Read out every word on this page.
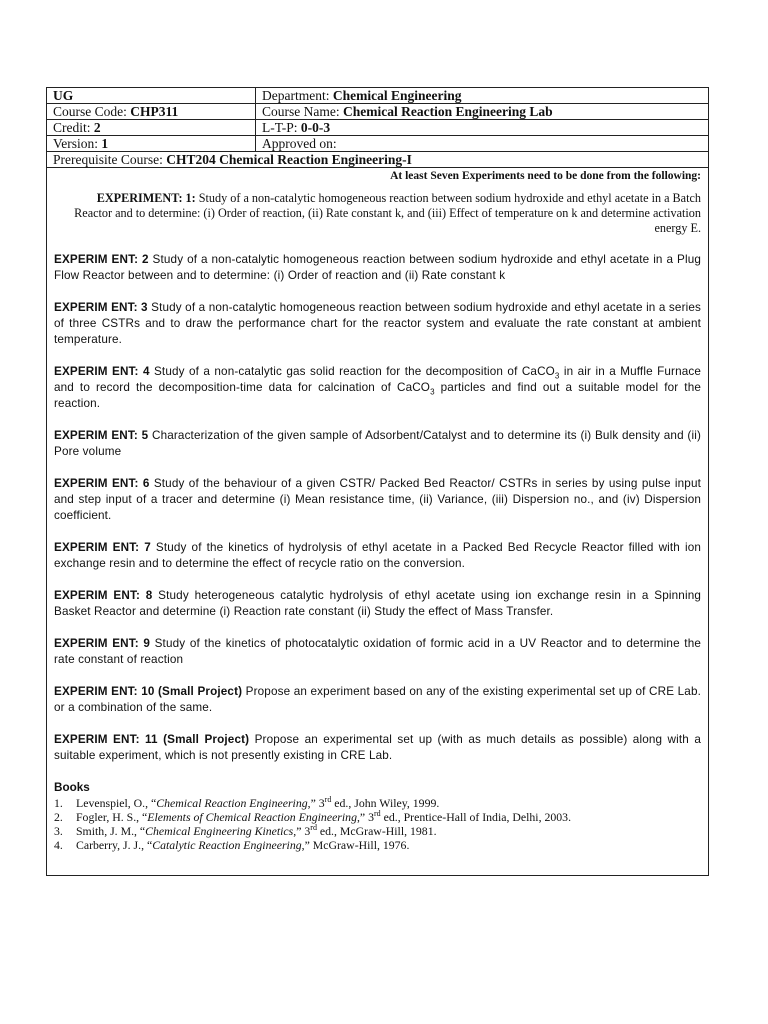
UG	Department: Chemical Engineering
Course Code: CHP311	Course Name: Chemical Reaction Engineering Lab
Credit: 2	L-T-P: 0-0-3
Version: 1	Approved on:
Prerequisite Course: CHT204 Chemical Reaction Engineering-I	
At least Seven Experiments need to be done from the following:
EXPERIMENT: 1: Study of a non-catalytic homogeneous reaction between sodium hydroxide and ethyl acetate in a Batch Reactor and to determine: (i) Order of reaction, (ii) Rate constant k, and (iii) Effect of temperature on k and determine activation energy E.
EXPERIM ENT: 2 Study of a non-catalytic homogeneous reaction between sodium hydroxide and ethyl acetate in a Plug Flow Reactor between and to determine: (i) Order of reaction and (ii) Rate constant k
EXPERIM ENT: 3 Study of a non-catalytic homogeneous reaction between sodium hydroxide and ethyl acetate in a series of three CSTRs and to draw the performance chart for the reactor system and evaluate the rate constant at ambient temperature.
EXPERIM ENT: 4 Study of a non-catalytic gas solid reaction for the decomposition of CaCO$_3$ in air in a Muffle Furnace and to record the decomposition-time data for calcination of CaCO$_3$ particles and find out a suitable model for the reaction.
EXPERIM ENT: 5 Characterization of the given sample of Adsorbent/Catalyst and to determine its (i) Bulk density and (ii) Pore volume
EXPERIM ENT: 6 Study of the behaviour of a given CSTR/ Packed Bed Reactor/ CSTRs in series by using pulse input and step input of a tracer and determine (i) Mean resistance time, (ii) Variance, (iii) Dispersion no., and (iv) Dispersion coefficient.
EXPERIM ENT: 7 Study of the kinetics of hydrolysis of ethyl acetate in a Packed Bed Recycle Reactor filled with ion exchange resin and to determine the effect of recycle ratio on the conversion.
EXPERIM ENT: 8 Study heterogeneous catalytic hydrolysis of ethyl acetate using ion exchange resin in a Spinning Basket Reactor and determine (i) Reaction rate constant (ii) Study the effect of Mass Transfer.
EXPERIM ENT: 9 Study of the kinetics of photocatalytic oxidation of formic acid in a UV Reactor and to determine the rate constant of reaction
EXPERIM ENT: 10 (Small Project) Propose an experiment based on any of the existing experimental set up of CRE Lab. or a combination of the same.
EXPERIM ENT: 11 (Small Project) Propose an experimental set up (with as much details as possible) along with a suitable experiment, which is not presently existing in CRE Lab.
Books
1.	Levenspiel, O., “Chemical Reaction Engineering,” 3rd ed., John Wiley, 1999.
2.	Fogler, H. S., “Elements of Chemical Reaction Engineering,” 3rd ed., Prentice-Hall of India, Delhi, 2003.
3.	Smith, J. M., “Chemical Engineering Kinetics,” 3rd ed., McGraw-Hill, 1981.
4.	Carberry, J. J., “Catalytic Reaction Engineering,” McGraw-Hill, 1976.
